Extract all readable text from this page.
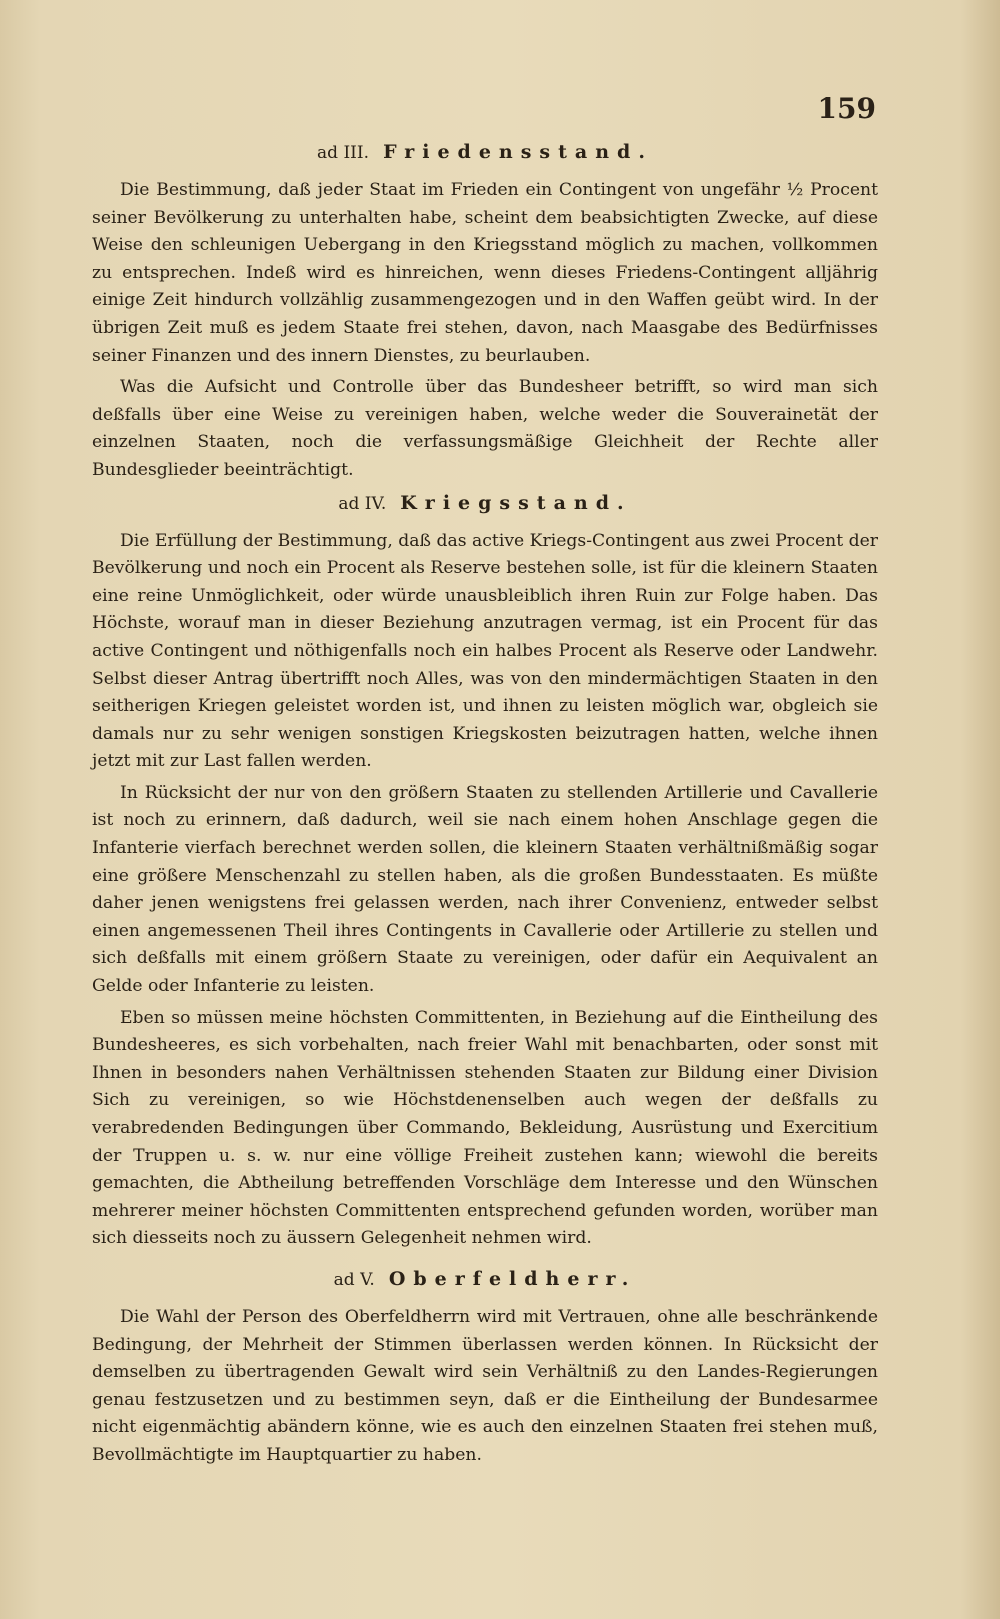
159
ad III. Friedensstand.

Die Bestimmung, daß jeder Staat im Frieden ein Contingent von ungefähr ½ Procent seiner Bevölkerung zu unterhalten habe, scheint dem beabsichtigten Zwecke, auf diese Weise den schleunigen Uebergang in den Kriegsstand möglich zu machen, vollkommen zu entsprechen. Indeß wird es hinreichen, wenn dieses Friedens-Contingent alljährig einige Zeit hindurch vollzählig zusammengezogen und in den Waffen geübt wird. In der übrigen Zeit muß es jedem Staate frei stehen, davon, nach Maasgabe des Bedürfnisses seiner Finanzen und des innern Dienstes, zu beurlauben.

Was die Aufsicht und Controlle über das Bundesheer betrifft, so wird man sich deßfalls über eine Weise zu vereinigen haben, welche weder die Souverainetät der einzelnen Staaten, noch die verfassungsmäßige Gleichheit der Rechte aller Bundesglieder beeinträchtigt.

ad IV. Kriegsstand.

Die Erfüllung der Bestimmung, daß das active Kriegs-Contingent aus zwei Procent der Bevölkerung und noch ein Procent als Reserve bestehen solle, ist für die kleinern Staaten eine reine Unmöglichkeit, oder würde unausbleiblich ihren Ruin zur Folge haben. Das Höchste, worauf man in dieser Beziehung anzutragen vermag, ist ein Procent für das active Contingent und nöthigenfalls noch ein halbes Procent als Reserve oder Landwehr. Selbst dieser Antrag übertrifft noch Alles, was von den mindermächtigen Staaten in den seitherigen Kriegen geleistet worden ist, und ihnen zu leisten möglich war, obgleich sie damals nur zu sehr wenigen sonstigen Kriegskosten beizutragen hatten, welche ihnen jetzt mit zur Last fallen werden.

In Rücksicht der nur von den größern Staaten zu stellenden Artillerie und Cavallerie ist noch zu erinnern, daß dadurch, weil sie nach einem hohen Anschlage gegen die Infanterie vierfach berechnet werden sollen, die kleinern Staaten verhältnißmäßig sogar eine größere Menschenzahl zu stellen haben, als die großen Bundesstaaten. Es müßte daher jenen wenigstens frei gelassen werden, nach ihrer Convenienz, entweder selbst einen angemessenen Theil ihres Contingents in Cavallerie oder Artillerie zu stellen und sich deßfalls mit einem größern Staate zu vereinigen, oder dafür ein Aequivalent an Gelde oder Infanterie zu leisten.

Eben so müssen meine höchsten Committenten, in Beziehung auf die Eintheilung des Bundesheeres, es sich vorbehalten, nach freier Wahl mit benachbarten, oder sonst mit Ihnen in besonders nahen Verhältnissen stehenden Staaten zur Bildung einer Division Sich zu vereinigen, so wie Höchstdenenselben auch wegen der deßfalls zu verabredenden Bedingungen über Commando, Bekleidung, Ausrüstung und Exercitium der Truppen u. s. w. nur eine völlige Freiheit zustehen kann; wiewohl die bereits gemachten, die Abtheilung betreffenden Vorschläge dem Interesse und den Wünschen mehrerer meiner höchsten Committenten entsprechend gefunden worden, worüber man sich diesseits noch zu äussern Gelegenheit nehmen wird.

ad V. Oberfeldherr.

Die Wahl der Person des Oberfeldherrn wird mit Vertrauen, ohne alle beschränkende Bedingung, der Mehrheit der Stimmen überlassen werden können. In Rücksicht der demselben zu übertragenden Gewalt wird sein Verhältniß zu den Landes-Regierungen genau festzusetzen und zu bestimmen seyn, daß er die Eintheilung der Bundesarmee nicht eigenmächtig abändern könne, wie es auch den einzelnen Staaten frei stehen muß, Bevollmächtigte im Hauptquartier zu haben.
